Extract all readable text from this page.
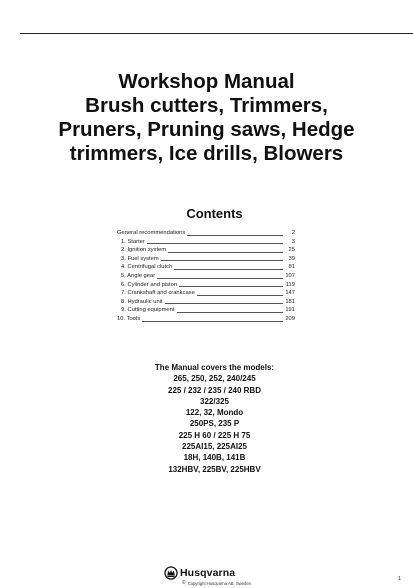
Workshop Manual
Brush cutters, Trimmers,
Pruners, Pruning saws, Hedge
trimmers, Ice drills, Blowers
Contents
General recommendations	2
1. Starter	3
2. Ignition system	25
3. Fuel system	39
4. Centrifugal clutch	81
5. Angle gear	107
6. Cylinder and piston	119
7. Crankshaft and crankcase	147
8. Hydraulic unit	181
9. Cutting equipment	191
10. Tools	209
The Manual covers the models:
265, 250, 252, 240/245
225 / 232 / 235 / 240 RBD
322/325
122, 32, Mondo
250PS, 235 P
225 H 60 / 225 H 75
225AI15, 225AI25
18H, 140B, 141B
132HBV, 225BV, 225HBV
Husqvarna
© Copyright Husqvarna AB, Sweden
1
